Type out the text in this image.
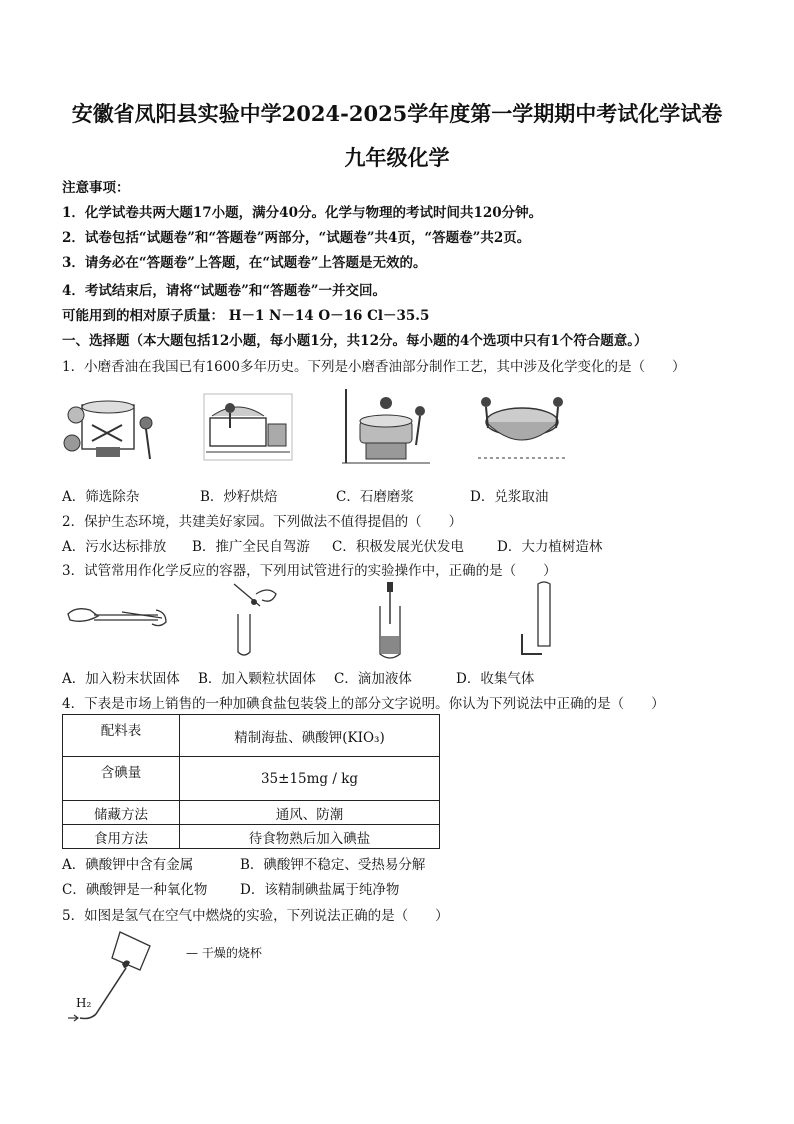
安徽省凤阳县实验中学2024-2025学年度第一学期期中考试化学试卷
九年级化学
注意事项：
1．化学试卷共两大题17小题，满分40分。化学与物理的考试时间共120分钟。
2．试卷包括“试题卷”和“答题卷”两部分，“试题卷”共4页，“答题卷”共2页。
3．请务必在“答题卷”上答题，在“试题卷”上答题是无效的。
4．考试结束后，请将“试题卷”和“答题卷”一并交回。
可能用到的相对原子质量： H－1 N－14 O－16 Cl－35.5
一、选择题（本大题包括12小题，每小题1分，共12分。每小题的4个选项中只有1个符合题意。）
1．小磨香油在我国已有1600多年历史。下列是小磨香油部分制作工艺，其中涉及化学变化的是（　　）
A．筛选除杂	B．炒籽烘焙	C．石磨磨浆	D．兑浆取油
2．保护生态环境，共建美好家园。下列做法不值得提倡的（　　）
A．污水达标排放 B．推广全民自驾游 C．积极发展光伏发电 D．大力植树造林
3．试管常用作化学反应的容器，下列用试管进行的实验操作中，正确的是（　　）
A．加入粉末状固体 B．加入颗粒状固体 C．滴加液体	D．收集气体
4．下表是市场上销售的一种加碘食盐包装袋上的部分文字说明。你认为下列说法中正确的是（　　）
配料表	精制海盐、碘酸钾(KIO₃)
含碘量	35±15mg / kg
储藏方法	通风、防潮
食用方法	待食物熟后加入碘盐
A．碘酸钾中含有金属	B．碘酸钾不稳定、受热易分解
C．碘酸钾是一种氧化物 D．该精制碘盐属于纯净物
5．如图是氢气在空气中燃烧的实验，下列说法正确的是（　　）
— 干燥的烧杯
H₂
